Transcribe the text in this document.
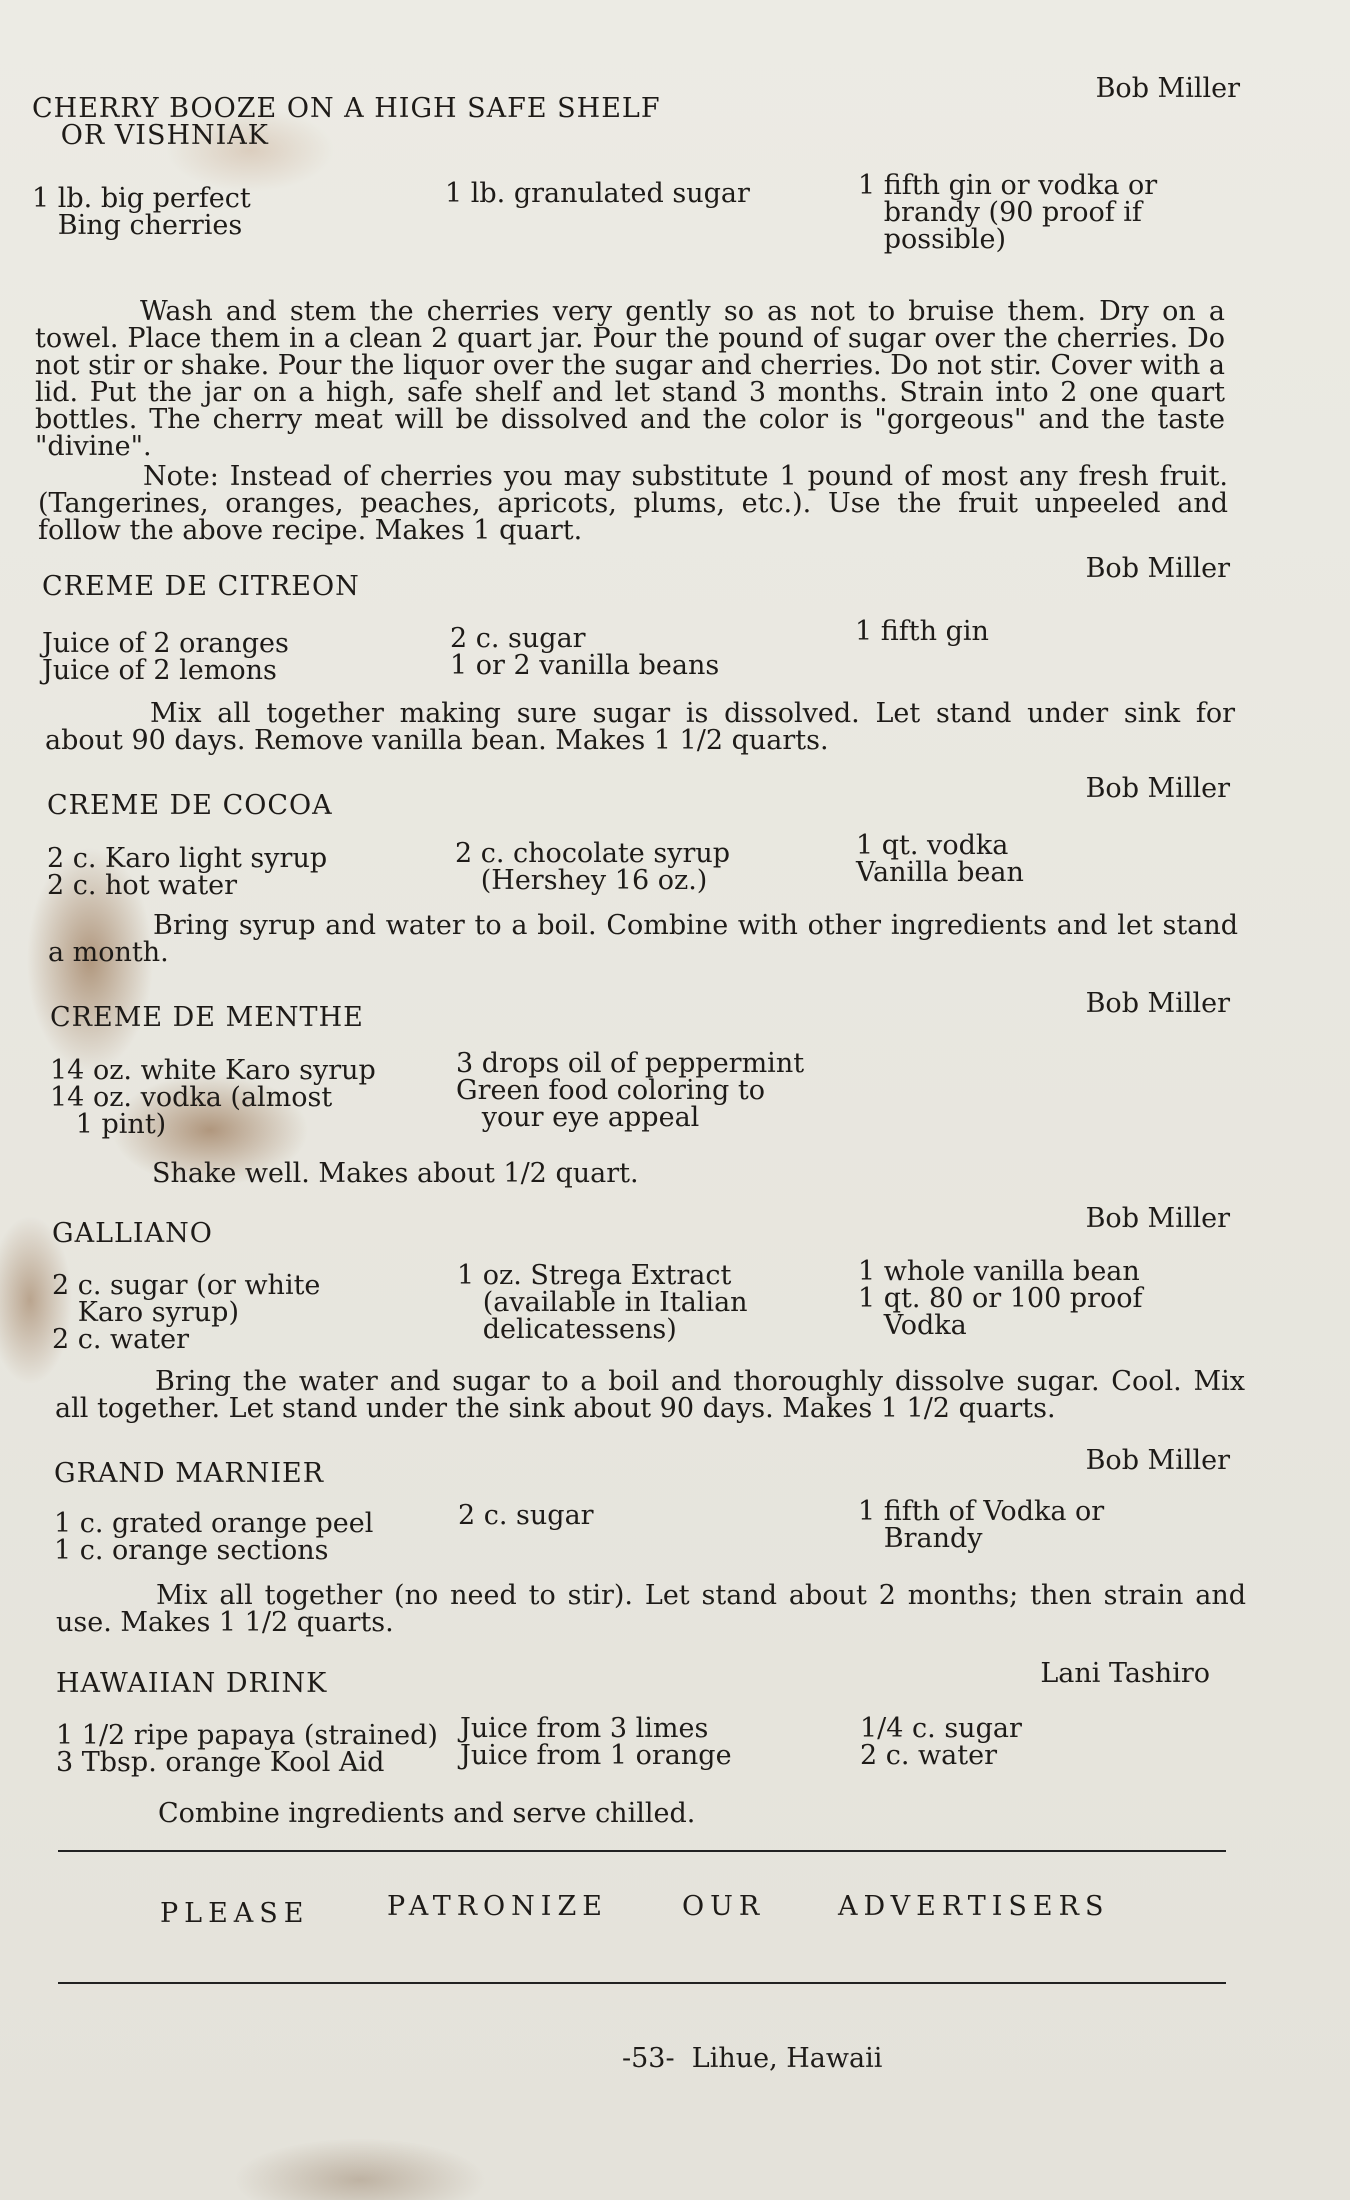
CHERRY BOOZE ON A HIGH SAFE SHELF
OR VISHNIAK
Bob Miller
1 lb. big perfect
Bing cherries
1 lb. granulated sugar	1 fifth gin or vodka or
brandy (90 proof if
possible)
Wash and stem the cherries very gently so as not to bruise them. Dry on a towel. Place them in a clean 2 quart jar. Pour the pound of sugar over the cherries. Do not stir or shake. Pour the liquor over the sugar and cherries. Do not stir. Cover with a lid. Put the jar on a high, safe shelf and let stand 3 months. Strain into 2 one quart bottles. The cherry meat will be dissolved and the color is "gorgeous" and the taste "divine".
Note: Instead of cherries you may substitute 1 pound of most any fresh fruit. (Tangerines, oranges, peaches, apricots, plums, etc.). Use the fruit unpeeled and follow the above recipe. Makes 1 quart.
CREME DE CITREON
Bob Miller
Juice of 2 oranges
Juice of 2 lemons
2 c. sugar
1 or 2 vanilla beans
1 fifth gin
Mix all together making sure sugar is dissolved. Let stand under sink for about 90 days. Remove vanilla bean. Makes 1 1/2 quarts.
CREME DE COCOA
Bob Miller
2 c. Karo light syrup
2 c. hot water
2 c. chocolate syrup
(Hershey 16 oz.)
1 qt. vodka
Vanilla bean
Bring syrup and water to a boil. Combine with other ingredients and let stand a month.
CREME DE MENTHE	Bob Miller
14 oz. white Karo syrup
14 oz. vodka (almost
1 pint)
3 drops oil of peppermint
Green food coloring to
your eye appeal
Shake well. Makes about 1/2 quart.
GALLIANO	Bob Miller
2 c. sugar (or white
Karo syrup)
2 c. water
1 oz. Strega Extract
(available in Italian
delicatessens)
1 whole vanilla bean
1 qt. 80 or 100 proof
Vodka
Bring the water and sugar to a boil and thoroughly dissolve sugar. Cool. Mix all together. Let stand under the sink about 90 days. Makes 1 1/2 quarts.
GRAND MARNIER	Bob Miller
1 c. grated orange peel
1 c. orange sections
2 c. sugar	1 fifth of Vodka or
Brandy
Mix all together (no need to stir). Let stand about 2 months; then strain and use. Makes 1 1/2 quarts.
HAWAIIAN DRINK	Lani Tashiro
1 1/2 ripe papaya (strained)
3 Tbsp. orange Kool Aid
Juice from 3 limes
Juice from 1 orange
1/4 c. sugar
2 c. water
Combine ingredients and serve chilled.
PLEASE	PATRONIZE	OUR	ADVERTISERS
-53-  Lihue, Hawaii
